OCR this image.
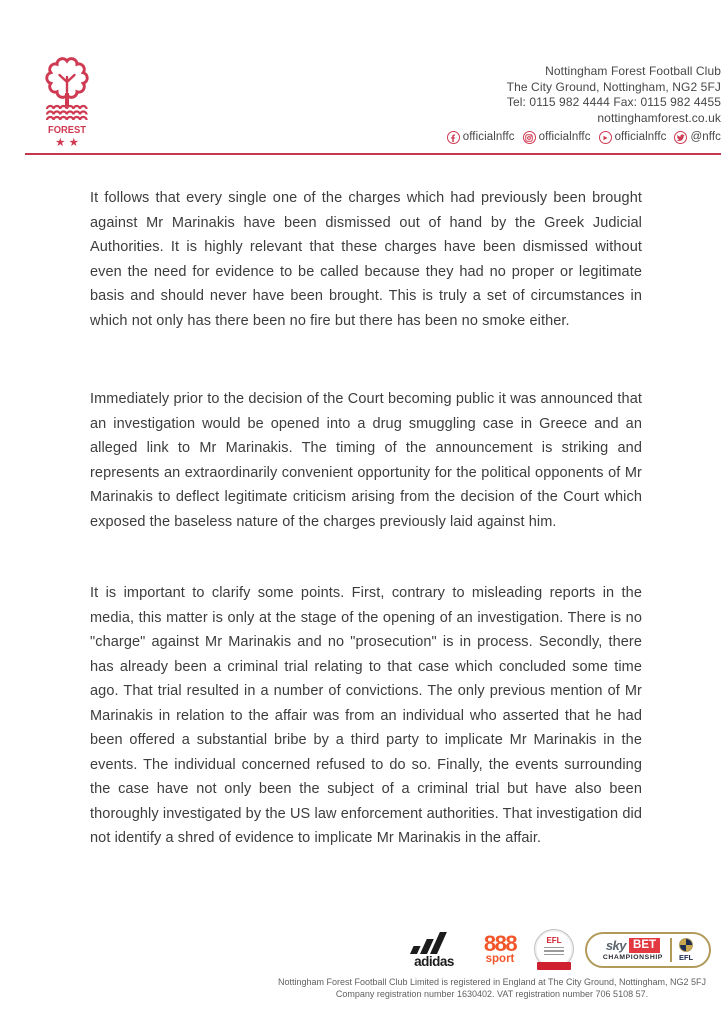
FOREST
★ ★
Nottingham Forest Football Club
The City Ground, Nottingham, NG2 5FJ
Tel: 0115 982 4444 Fax: 0115 982 4455
nottinghamforest.co.uk
officialnffc officialnffc officialnffc @nffc

It follows that every single one of the charges which had previously been brought against Mr Marinakis have been dismissed out of hand by the Greek Judicial Authorities. It is highly relevant that these charges have been dismissed without even the need for evidence to be called because they had no proper or legitimate basis and should never have been brought. This is truly a set of circumstances in which not only has there been no fire but there has been no smoke either.

Immediately prior to the decision of the Court becoming public it was announced that an investigation would be opened into a drug smuggling case in Greece and an alleged link to Mr Marinakis. The timing of the announcement is striking and represents an extraordinarily convenient opportunity for the political opponents of Mr Marinakis to deflect legitimate criticism arising from the decision of the Court which exposed the baseless nature of the charges previously laid against him.

It is important to clarify some points. First, contrary to misleading reports in the media, this matter is only at the stage of the opening of an investigation. There is no "charge" against Mr Marinakis and no "prosecution" is in process. Secondly, there has already been a criminal trial relating to that case which concluded some time ago. That trial resulted in a number of convictions. The only previous mention of Mr Marinakis in relation to the affair was from an individual who asserted that he had been offered a substantial bribe by a third party to implicate Mr Marinakis in the events. The individual concerned refused to do so. Finally, the events surrounding the case have not only been the subject of a criminal trial but have also been thoroughly investigated by the US law enforcement authorities. That investigation did not identify a shred of evidence to implicate Mr Marinakis in the affair.

adidas
888
sport
EFL	sky BET
CHAMPIONSHIP EFL
Nottingham Forest Football Club Limited is registered in England at The City Ground, Nottingham, NG2 5FJ
Company registration number 1630402. VAT registration number 706 5108 57.
